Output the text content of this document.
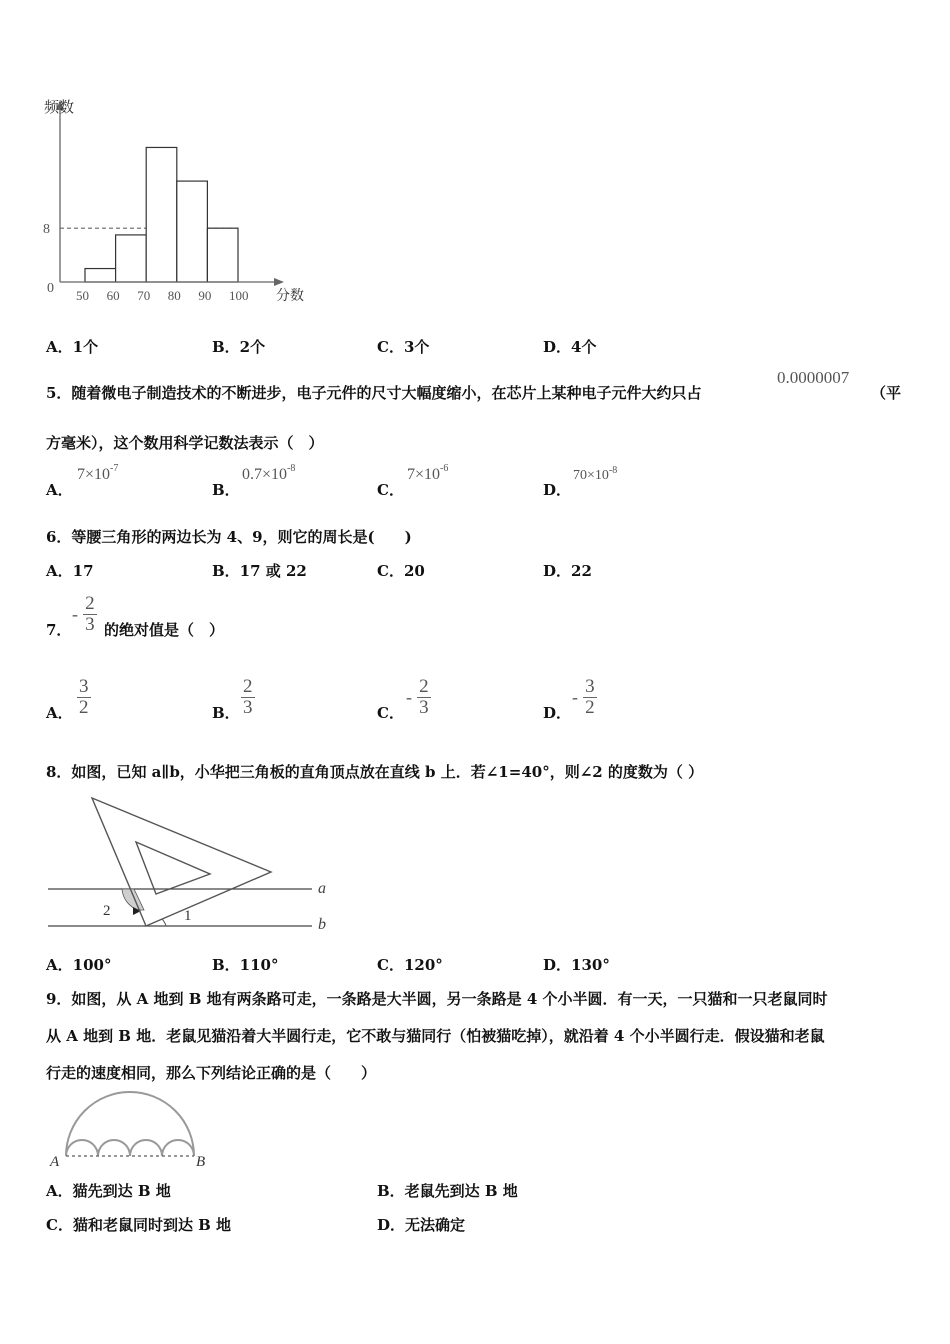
50 60 70 80 90 100
频数
分数
0
8
A．1个	B．2个	C．3个	D．4个
5．随着微电子制造技术的不断进步，电子元件的尺寸大幅度缩小，在芯片上某种电子元件大约只占
0.0000007
（平
方毫米），这个数用科学记数法表示（　）
A．
$7\times 10^{-7}$
B．
$0.7\times 10^{-8}$
C．
$7\times 10^{-6}$
D．
$70\times 10^{-8}$
6．等腰三角形的两边长为 4、9，则它的周长是(　　)
A．17	B．17 或 22	C．20	D．22
7．
- $\frac{2}{3}$ 的绝对值是（　）
A． $\frac{3}{2}$	B． $\frac{2}{3}$	C．
- $\frac{2}{3}$	D．
- $\frac{3}{2}$
8．如图，已知 a∥b，小华把三角板的直角顶点放在直线 b 上．若∠1=40°，则∠2 的度数为（ ）
a
b
2	1
A．100°	B．110°	C．120°	D．130°
9．如图，从 A 地到 B 地有两条路可走，一条路是大半圆，另一条路是 4 个小半圆．有一天，一只猫和一只老鼠同时
从 A 地到 B 地．老鼠见猫沿着大半圆行走，它不敢与猫同行（怕被猫吃掉），就沿着 4 个小半圆行走．假设猫和老鼠
行走的速度相同，那么下列结论正确的是（　　）
A	B
A．猫先到达 B 地	B．老鼠先到达 B 地
C．猫和老鼠同时到达 B 地	D．无法确定
